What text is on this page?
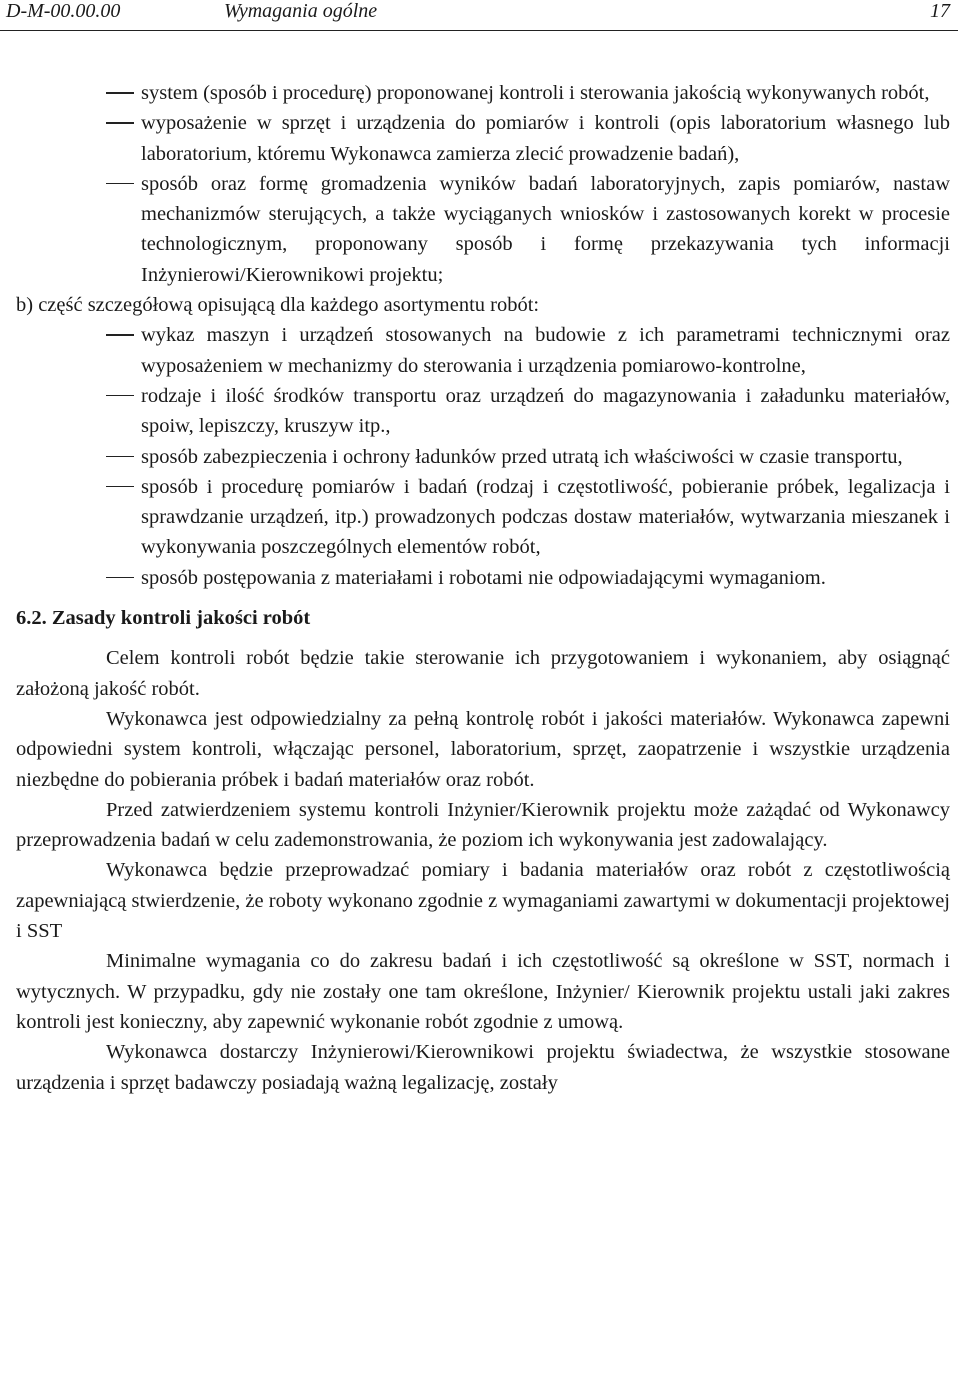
D-M-00.00.00	Wymagania ogólne	17
system (sposób i procedurę) proponowanej kontroli i sterowania jakością wykonywanych robót,
wyposażenie w sprzęt i urządzenia do pomiarów i kontroli (opis laboratorium własnego lub laboratorium, któremu Wykonawca zamierza zlecić prowadzenie badań),
sposób oraz formę gromadzenia wyników badań laboratoryjnych, zapis pomiarów, nastaw mechanizmów sterujących, a także wyciąganych wniosków i zastosowanych korekt w procesie technologicznym, proponowany sposób i formę przekazywania tych informacji Inżynierowi/Kierownikowi projektu;

b) część szczegółową opisującą dla każdego asortymentu robót:

wykaz maszyn i urządzeń stosowanych na budowie z ich parametrami technicznymi oraz wyposażeniem w mechanizmy do sterowania i urządzenia pomiarowo-kontrolne,
rodzaje i ilość środków transportu oraz urządzeń do magazynowania i załadunku materiałów, spoiw, lepiszczy, kruszyw itp.,
sposób zabezpieczenia i ochrony ładunków przed utratą ich właściwości w czasie transportu,
sposób i procedurę pomiarów i badań (rodzaj i częstotliwość, pobieranie próbek, legalizacja i sprawdzanie urządzeń, itp.) prowadzonych podczas dostaw materiałów, wytwarzania mieszanek i wykonywania poszczególnych elementów robót,
sposób postępowania z materiałami i robotami nie odpowiadającymi wymaganiom.

6.2. Zasady kontroli jakości robót

Celem kontroli robót będzie takie sterowanie ich przygotowaniem i wykonaniem, aby osiągnąć założoną jakość robót.

Wykonawca jest odpowiedzialny za pełną kontrolę robót i jakości materiałów. Wykonawca zapewni odpowiedni system kontroli, włączając personel, laboratorium, sprzęt, zaopatrzenie i wszystkie urządzenia niezbędne do pobierania próbek i badań materiałów oraz robót.

Przed zatwierdzeniem systemu kontroli Inżynier/Kierownik projektu może zażądać od Wykonawcy przeprowadzenia badań w celu zademonstrowania, że poziom ich wykonywania jest zadowalający.

Wykonawca będzie przeprowadzać pomiary i badania materiałów oraz robót z częstotliwością zapewniającą stwierdzenie, że roboty wykonano zgodnie z wymaganiami zawartymi w dokumentacji projektowej i SST

Minimalne wymagania co do zakresu badań i ich częstotliwość są określone w SST, normach i wytycznych. W przypadku, gdy nie zostały one tam określone, Inżynier/ Kierownik projektu ustali jaki zakres kontroli jest konieczny, aby zapewnić wykonanie robót zgodnie z umową.

Wykonawca dostarczy Inżynierowi/Kierownikowi projektu świadectwa, że wszystkie stosowane urządzenia i sprzęt badawczy posiadają ważną legalizację, zostały
